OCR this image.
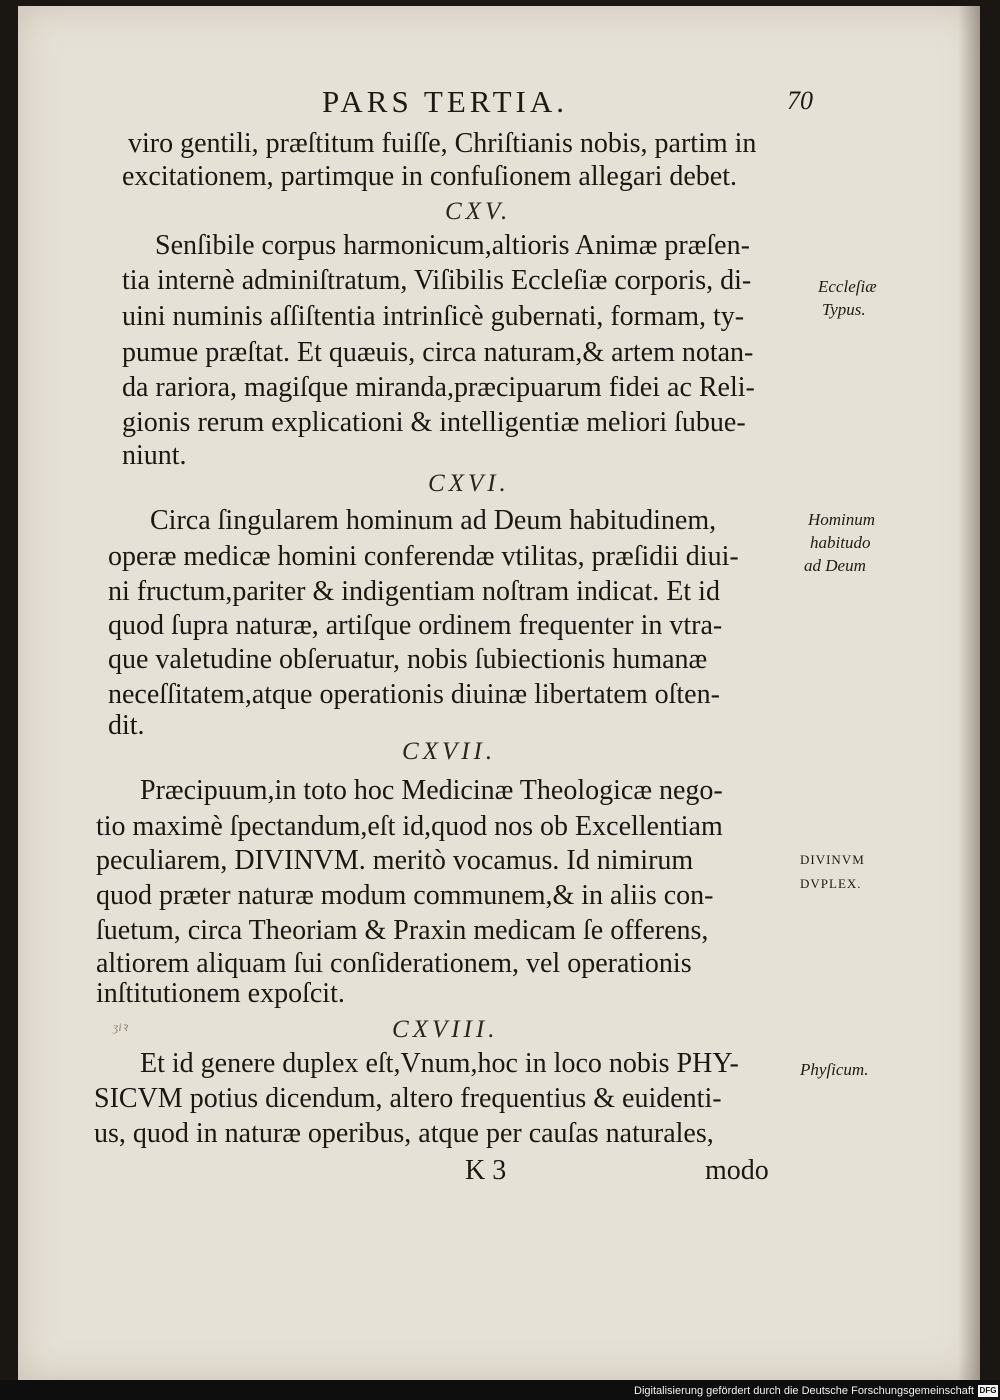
PARS TERTIA.	70
viro gentili, præſtitum fuiſſe, Chriſtianis nobis, partim in
excitationem, partimque in confuſionem allegari debet.
CXV.
Senſibile corpus harmonicum,altioris Animæ præſen-
tia internè adminiſtratum, Viſibilis Eccleſiæ corporis, di-
uini numinis aſſiſtentia intrinſicè gubernati, formam, ty-
pumue præſtat. Et quæuis, circa naturam,& artem notan-
da rariora, magiſque miranda,præcipuarum fidei ac Reli-
gionis rerum explicationi & intelligentiæ meliori ſubue-
niunt.
CXVI.
Circa ſingularem hominum ad Deum habitudinem,
operæ medicæ homini conferendæ vtilitas, præſidii diui-
ni fructum,pariter & indigentiam noſtram indicat. Et id
quod ſupra naturæ, artiſque ordinem frequenter in vtra-
que valetudine obſeruatur, nobis ſubiectionis humanæ
neceſſitatem,atque operationis diuinæ libertatem oſten-
dit.
CXVII.
Præcipuum,in toto hoc Medicinæ Theologicæ nego-
tio maximè ſpectandum,eſt id,quod nos ob Excellentiam
peculiarem, DIVINVM. meritò vocamus. Id nimirum
quod præter naturæ modum communem,& in aliis con-
ſuetum, circa Theoriam & Praxin medicam ſe offerens,
altiorem aliquam ſui conſiderationem, vel operationis
inſtitutionem expoſcit.
ʒiꝛ	CXVIII.
Et id genere duplex eſt,Vnum,hoc in loco nobis PHY-
SICVM potius dicendum, altero frequentius & euidenti-
us, quod in naturæ operibus, atque per cauſas naturales,
K 3	modo
Eccleſiæ
Typus.
Hominum
habitudo
ad Deum
DIVINVM
DVPLEX.
Phyſicum.
Digitalisierung gefördert durch die Deutsche Forschungsgemeinschaft DFG
